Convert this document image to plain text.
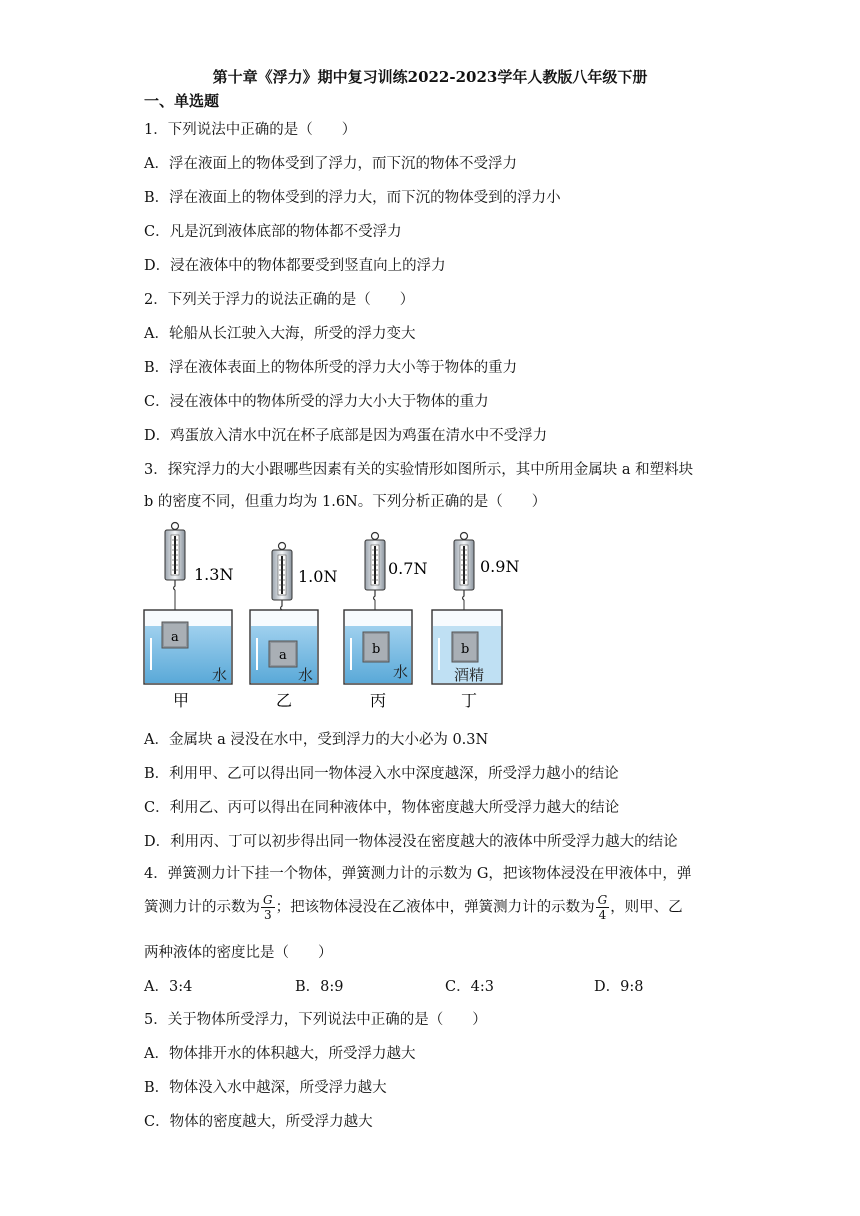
第十章《浮力》期中复习训练2022-2023学年人教版八年级下册
一、单选题
1．下列说法中正确的是（　　）
A．浮在液面上的物体受到了浮力，而下沉的物体不受浮力
B．浮在液面上的物体受到的浮力大，而下沉的物体受到的浮力小
C．凡是沉到液体底部的物体都不受浮力
D．浸在液体中的物体都要受到竖直向上的浮力
2．下列关于浮力的说法正确的是（　　）
A．轮船从长江驶入大海，所受的浮力变大
B．浮在液体表面上的物体所受的浮力大小等于物体的重力
C．浸在液体中的物体所受的浮力大小大于物体的重力
D．鸡蛋放入清水中沉在杯子底部是因为鸡蛋在清水中不受浮力
3．探究浮力的大小跟哪些因素有关的实验情形如图所示，其中所用金属块 a 和塑料块
b 的密度不同，但重力均为 1.6N。下列分析正确的是（　　）
1.3N	1.0N	0.7N	0.9N
a
a	b	b
水	水	水	酒精
甲	乙	丙	丁
A．金属块 a 浸没在水中，受到浮力的大小必为 0.3N
B．利用甲、乙可以得出同一物体浸入水中深度越深，所受浮力越小的结论
C．利用乙、丙可以得出在同种液体中，物体密度越大所受浮力越大的结论
D．利用丙、丁可以初步得出同一物体浸没在密度越大的液体中所受浮力越大的结论
4．弹簧测力计下挂一个物体，弹簧测力计的示数为 G，把该物体浸没在甲液体中，弹
簧测力计的示数为 $\frac{G}{3}$ ；把该物体浸没在乙液体中，弹簧测力计的示数为 $\frac{G}{4}$ ，则甲、乙
两种液体的密度比是（　　）
A．3:4	B．8:9	C．4:3	D．9:8
5．关于物体所受浮力，下列说法中正确的是（　　）
A．物体排开水的体积越大，所受浮力越大
B．物体没入水中越深，所受浮力越大
C．物体的密度越大，所受浮力越大
